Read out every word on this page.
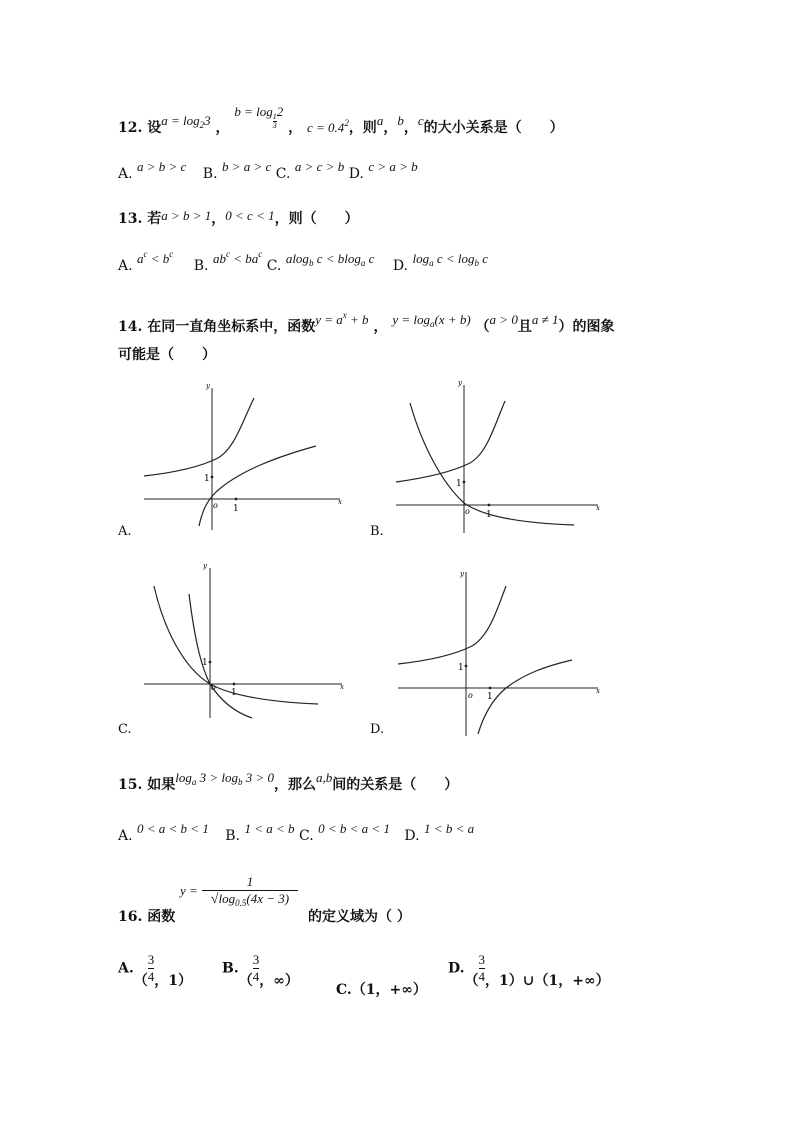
12. 设$a = \log_23$ ， b = log
$\frac{1}{3}$
2 ， $c = 0.4^2$，则a，b，c的大小关系是（　　）
A. a > b > c B. b > a > c C. a > c > b D. c > a > b
13. 若a > b > 1，0 < c < 1，则（　　）
A. $a^c < b^c$ B. $ab^c < ba^c$ C. alog$_b$ c < blog$_a$ c D. $\log_a c < \log_b c$
14. 在同一直角坐标系中，函数$y = a^x + b$ ， $y = \log_a(x + b) (a > 0$且a ≠ 1）的图象
可能是（　　）
y
x
o 1
1
A.
y
x
o 1
1
B.
y
x
o
1
1
C.
y
x
o 1
1
D.
15. 如果$\log_a 3 > \log_b 3 > 0$，那么a,b间的关系是（　　）
A. 0 < a < b < 1 B. 1 < a < b C. 0 < b < a < 1 D. 1 < b < a
16. 函数
$y = \frac{1}{√\log_{0.5}(4x - 3)}$
的定义域为（ ）
$A.( \frac{3}{4}$ ，1）
$B.( \frac{3}{4}$ ，∞）
C.（1，+∞）
$D.( \frac{3}{4}$ ，1）∪（1，+∞）
